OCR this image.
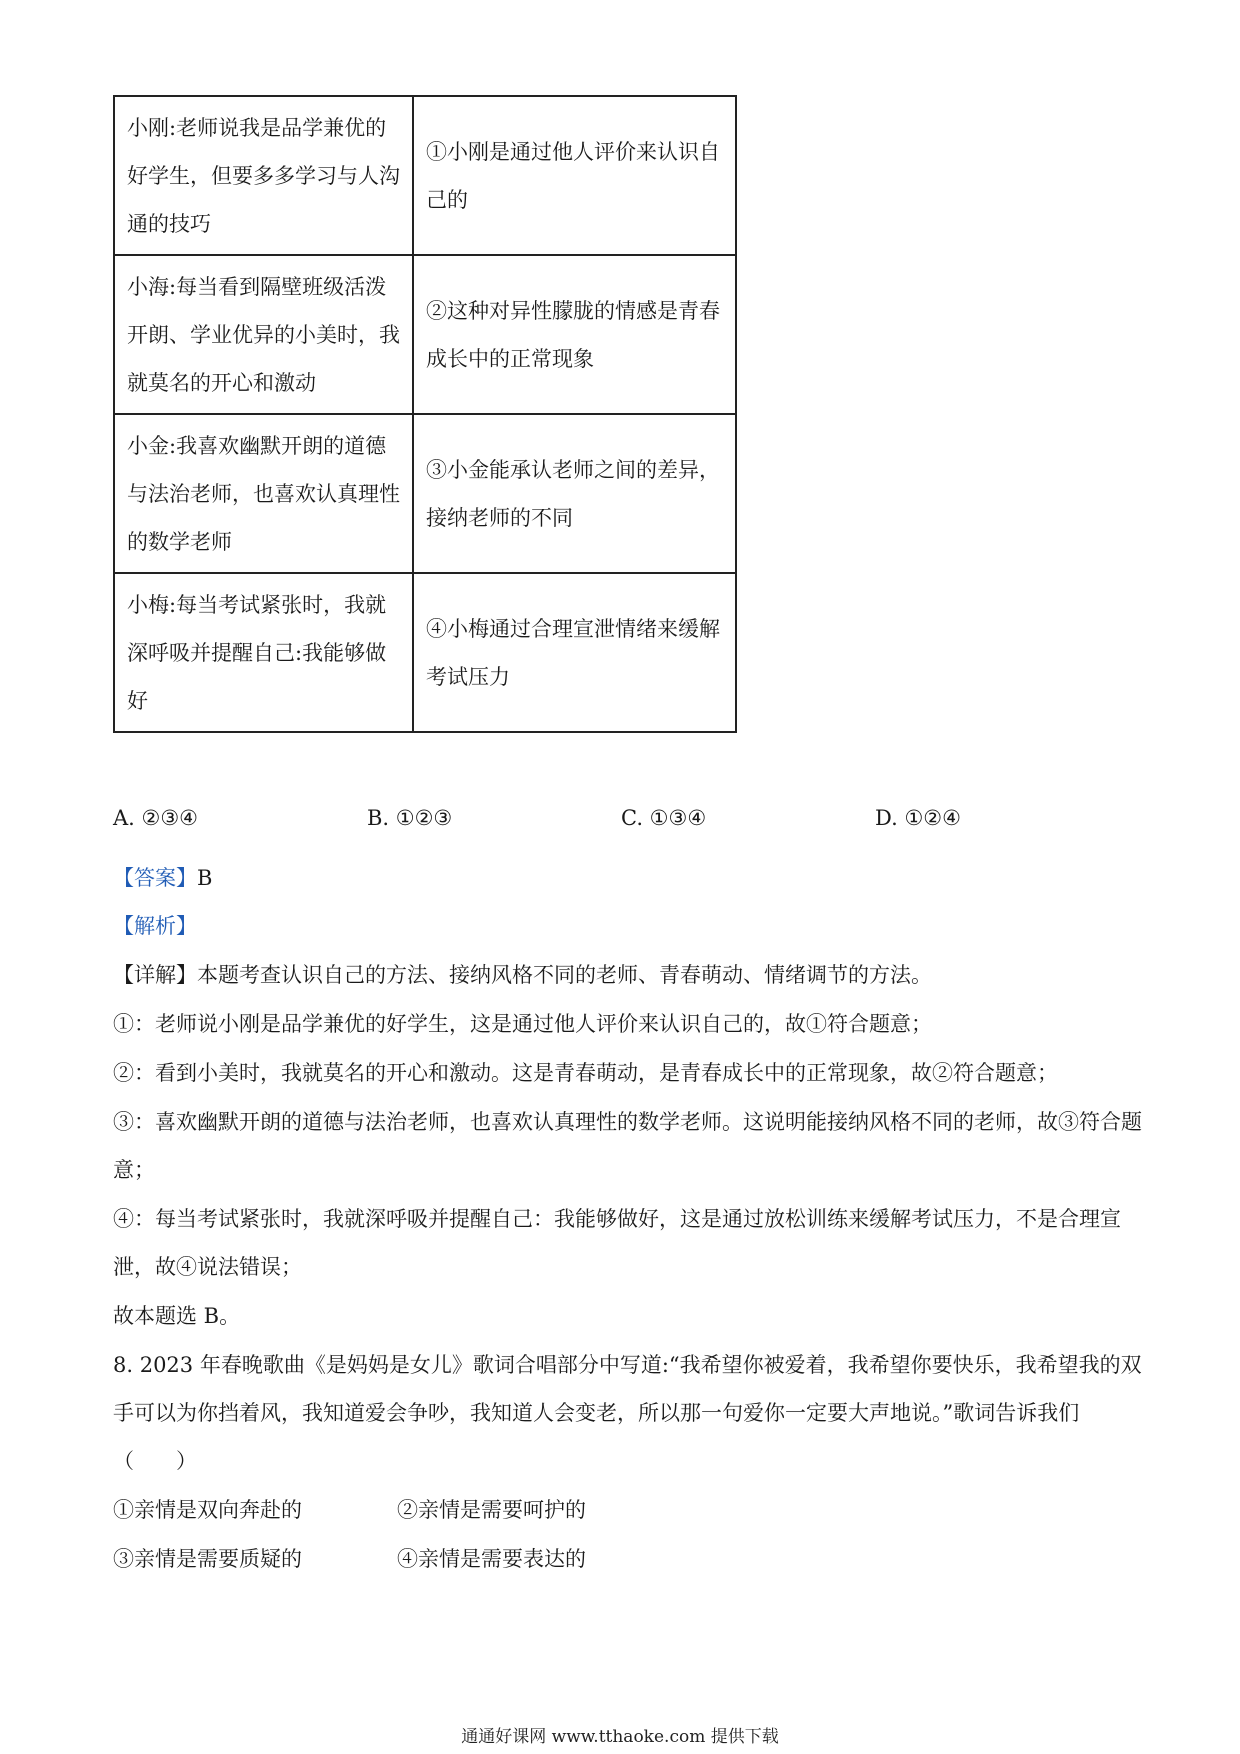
小刚:老师说我是品学兼优的好学生，但要多多学习与人沟通的技巧	①小刚是通过他人评价来认识自己的
小海:每当看到隔壁班级活泼开朗、学业优异的小美时，我就莫名的开心和激动	②这种对异性朦胧的情感是青春成长中的正常现象
小金:我喜欢幽默开朗的道德与法治老师，也喜欢认真理性的数学老师	③小金能承认老师之间的差异，接纳老师的不同
小梅:每当考试紧张时，我就深呼吸并提醒自己:我能够做好	④小梅通过合理宣泄情绪来缓解考试压力
A. ②③④	B. ①②③	C. ①③④	D. ①②④

【答案】B

【解析】

【详解】本题考查认识自己的方法、接纳风格不同的老师、青春萌动、情绪调节的方法。

①：老师说小刚是品学兼优的好学生，这是通过他人评价来认识自己的，故①符合题意；

②：看到小美时，我就莫名的开心和激动。这是青春萌动，是青春成长中的正常现象，故②符合题意；

③：喜欢幽默开朗的道德与法治老师，也喜欢认真理性的数学老师。这说明能接纳风格不同的老师，故③符合题意；

④：每当考试紧张时，我就深呼吸并提醒自己：我能够做好，这是通过放松训练来缓解考试压力，不是合理宣泄，故④说法错误；

故本题选 B。

8. 2023 年春晚歌曲《是妈妈是女儿》歌词合唱部分中写道:“我希望你被爱着，我希望你要快乐，我希望我的双手可以为你挡着风，我知道爱会争吵，我知道人会变老，所以那一句爱你一定要大声地说。”歌词告诉我们（　　）

①亲情是双向奔赴的	②亲情是需要呵护的
③亲情是需要质疑的	④亲情是需要表达的
通通好课网 www.tthaoke.com 提供下载
